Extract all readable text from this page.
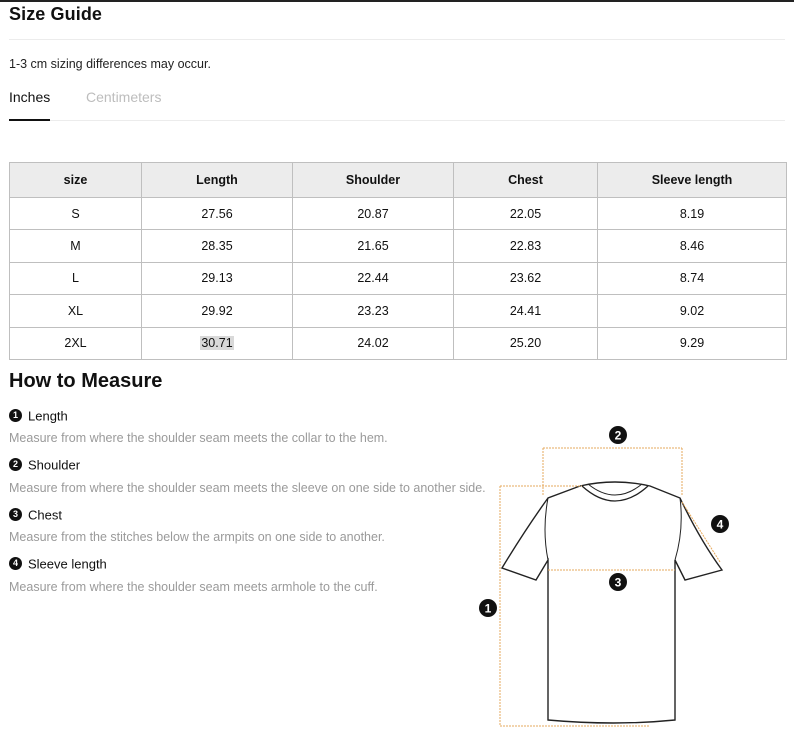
Size Guide
1-3 cm sizing differences may occur.
Inches	Centimeters
size	Length	Shoulder	Chest	Sleeve length
S	27.56	20.87	22.05	8.19
M	28.35	21.65	22.83	8.46
L	29.13	22.44	23.62	8.74
XL	29.92	23.23	24.41	9.02
2XL	30.71	24.02	25.20	9.29
How to Measure
1 Length
Measure from where the shoulder seam meets the collar to the hem.
2 Shoulder
Measure from where the shoulder seam meets the sleeve on one side to another side.
3 Chest
Measure from the stitches below the armpits on one side to another.
4 Sleeve length
Measure from where the shoulder seam meets armhole to the cuff.
2
3
1
4
